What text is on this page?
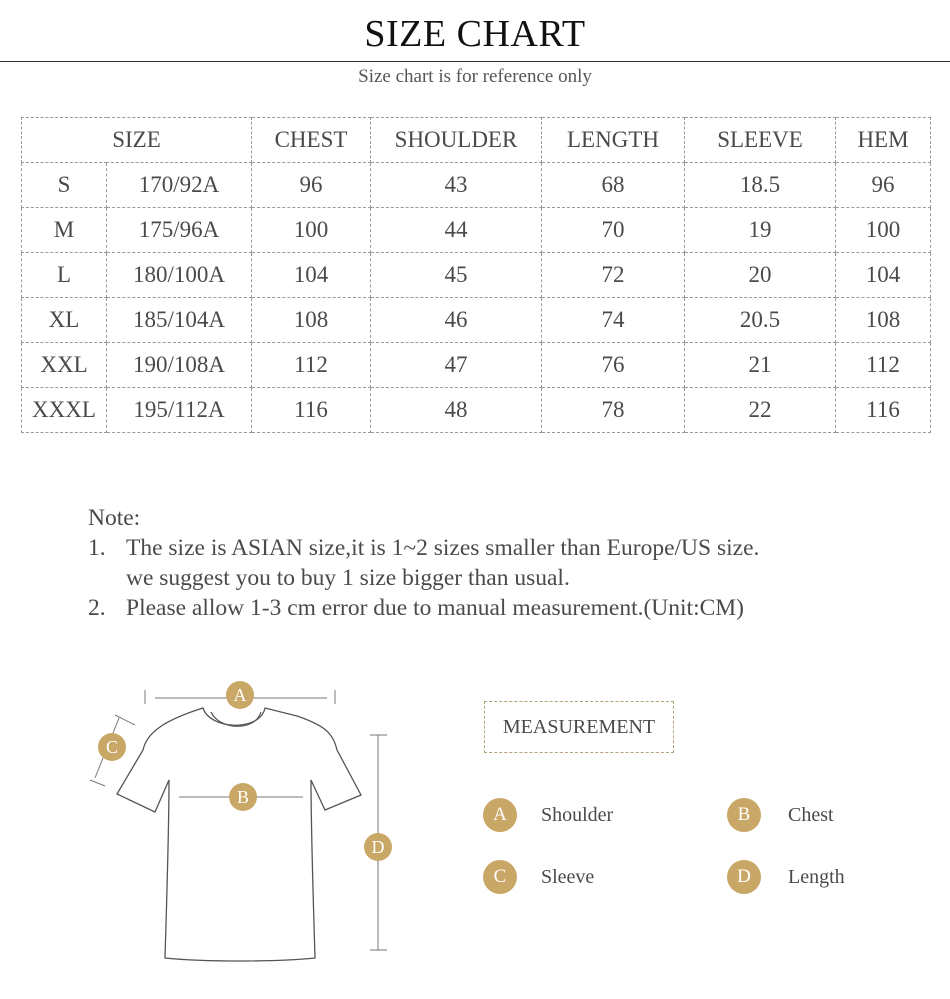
SIZE CHART
Size chart is for reference only
SIZE		CHEST	SHOULDER	LENGTH	SLEEVE	HEM
S	170/92A	96	43	68	18.5	96
M	175/96A	100	44	70	19	100
L	180/100A	104	45	72	20	104
XL	185/104A	108	46	74	20.5	108
XXL	190/108A	112	47	76	21	112
XXXL	195/112A	116	48	78	22	116
Note:
1. The size is ASIAN size,it is 1~2 sizes smaller than Europe/US size.
we suggest you to buy 1 size bigger than usual.
2. Please allow 1-3 cm error due to manual measurement.(Unit:CM)
A
C
B
D
MEASUREMENT
A	Shoulder	B	Chest
C	Sleeve	D	Length
